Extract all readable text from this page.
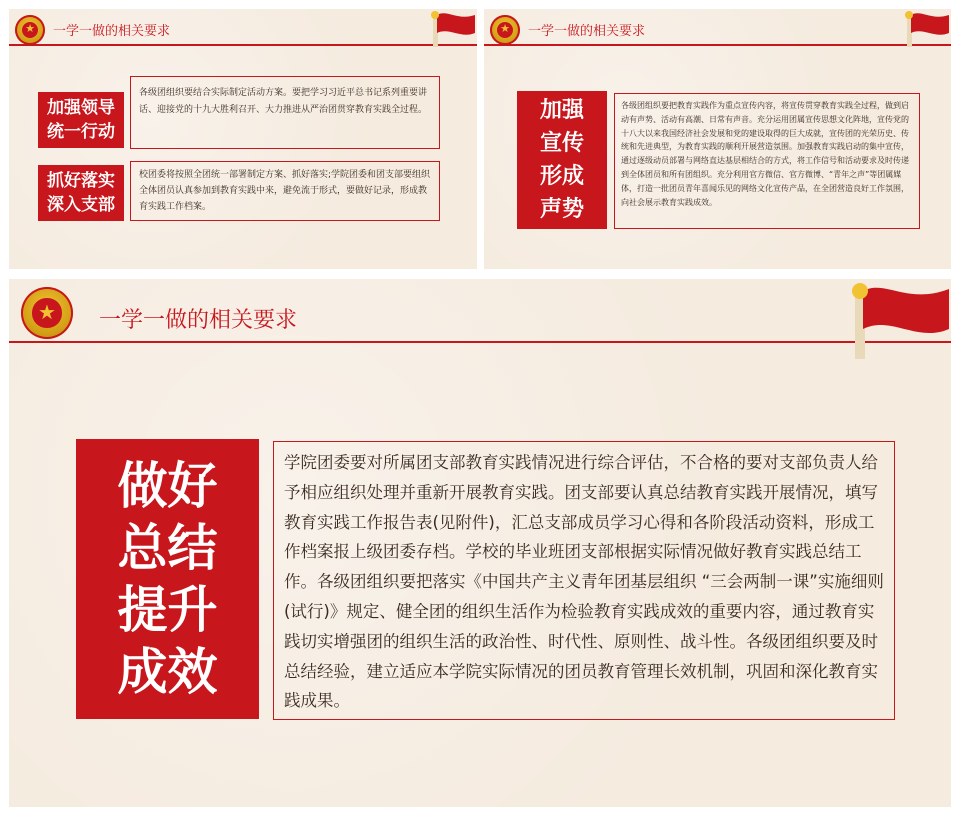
★	一学一做的相关要求
加强领导
统一行动

各级团组织要结合实际制定活动方案。要把学习习近平总书记系列重要讲话、迎接党的十九大胜利召开、大力推进从严治团贯穿教育实践全过程。

抓好落实
深入支部

校团委将按照全团统一部署制定方案、抓好落实;学院团委和团支部要组织全体团员认真参加到教育实践中来，避免流于形式，要做好记录，形成教育实践工作档案。

★	一学一做的相关要求
加强
宣传
形成
声势

各级团组织要把教育实践作为重点宣传内容，将宣传贯穿教育实践全过程，做到启动有声势、活动有高潮、日常有声音。充分运用团属宣传思想文化阵地，宣传党的十八大以来我国经济社会发展和党的建设取得的巨大成就，宣传团的光荣历史、传统和先进典型，为教育实践的顺利开展营造氛围。加强教育实践启动的集中宣传，通过逐级动员部署与网络直达基层相结合的方式，将工作信号和活动要求及时传递到全体团员和所有团组织。充分利用官方微信、官方微博、“青年之声”等团属媒体，打造一批团员青年喜闻乐见的网络文化宣传产品，在全团营造良好工作氛围，向社会展示教育实践成效。

★	一学一做的相关要求
做好
总结
提升
成效

学院团委要对所属团支部教育实践情况进行综合评估，不合格的要对支部负责人给予相应组织处理并重新开展教育实践。团支部要认真总结教育实践开展情况，填写教育实践工作报告表(见附件)，汇总支部成员学习心得和各阶段活动资料，形成工作档案报上级团委存档。学校的毕业班团支部根据实际情况做好教育实践总结工作。各级团组织要把落实《中国共产主义青年团基层组织 “三会两制一课”实施细则(试行)》规定、健全团的组织生活作为检验教育实践成效的重要内容，通过教育实践切实增强团的组织生活的政治性、时代性、原则性、战斗性。各级团组织要及时总结经验，建立适应本学院实际情况的团员教育管理长效机制，巩固和深化教育实践成果。
